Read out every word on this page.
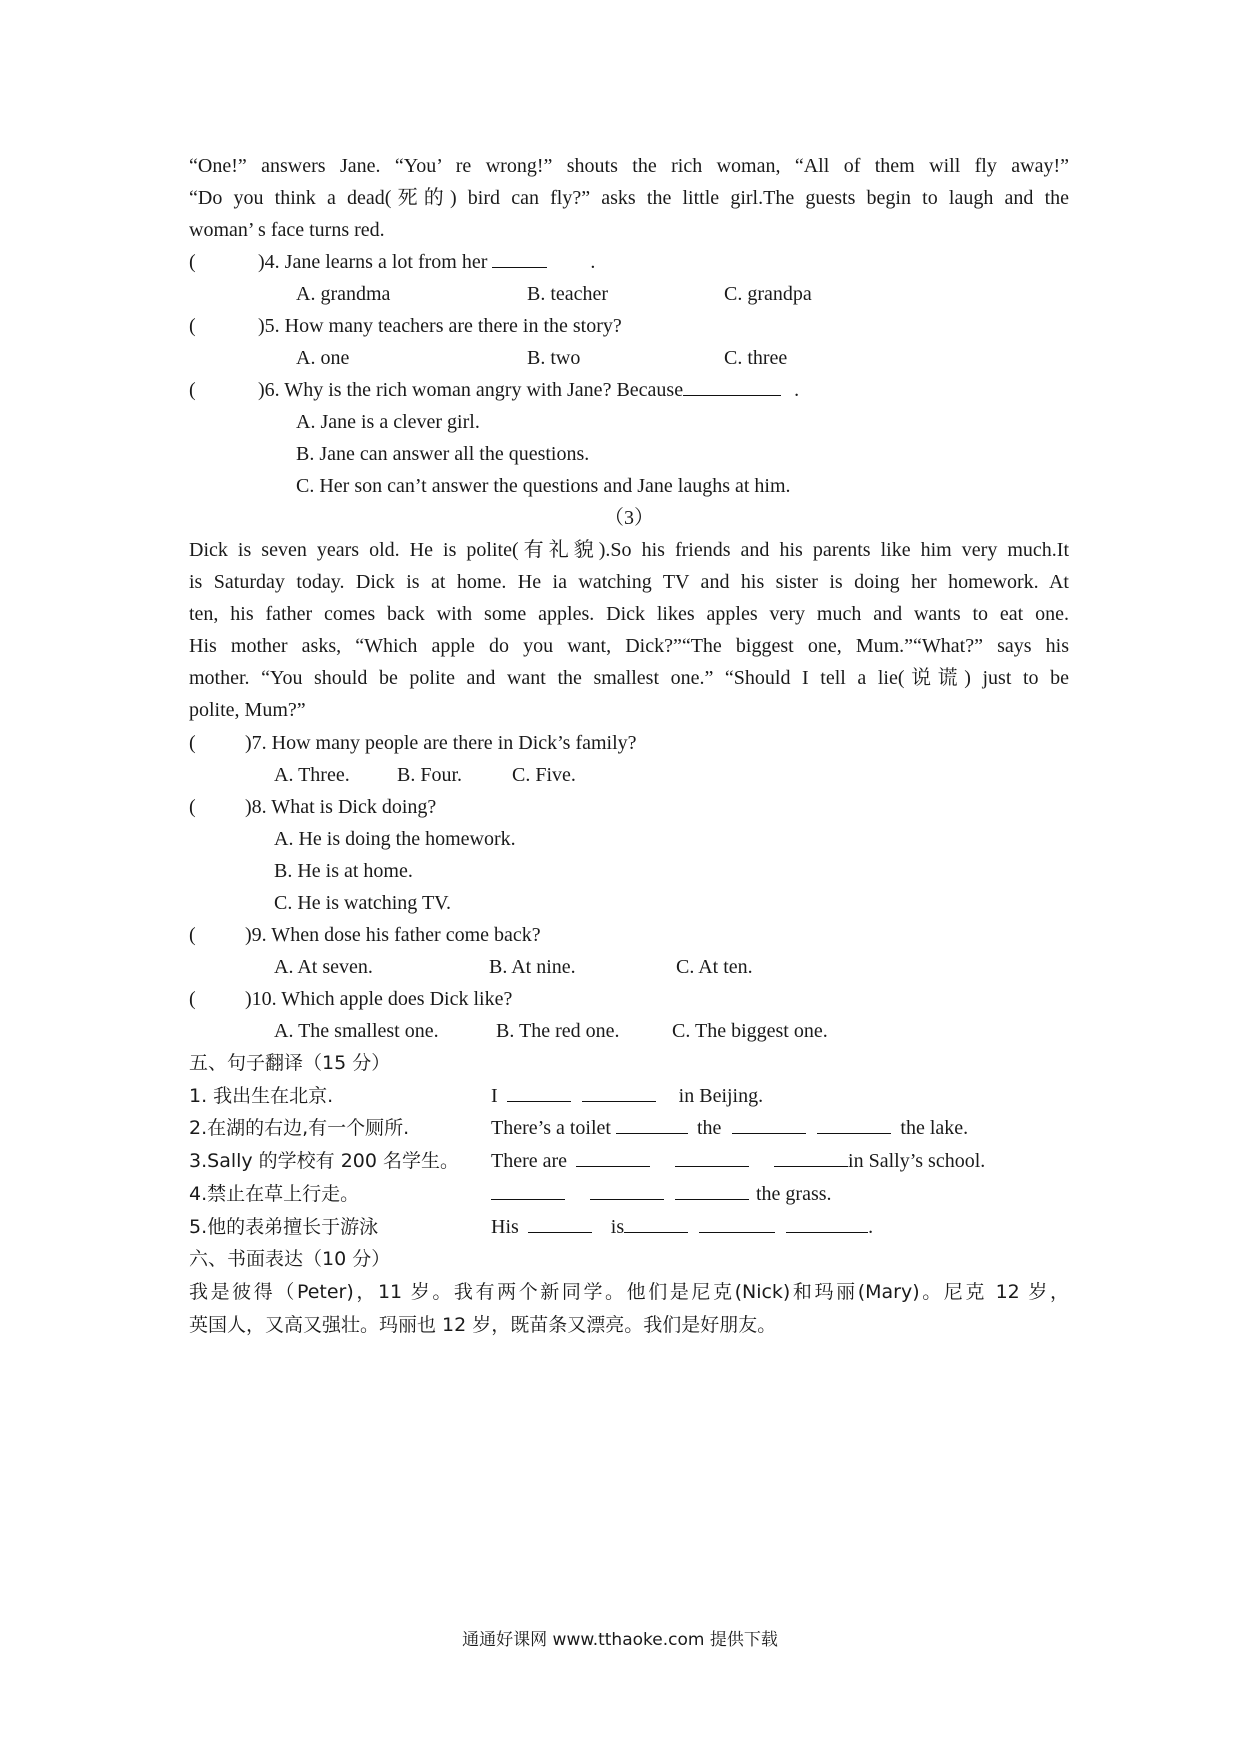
“One!” answers Jane. “You’ re wrong!” shouts the rich woman, “All of them will fly away!”
“Do you think a dead(死的) bird can fly?” asks the little girl.The guests begin to laugh and the
woman’ s face turns red.
(	)4. Jane learns a lot from her	.
A. grandma	B. teacher	C. grandpa
(	)5. How many teachers are there in the story?
A. one	B. two	C. three
(	)6. Why is the rich woman angry with Jane? Because	.
A. Jane is a clever girl.
B. Jane can answer all the questions.
C. Her son can’t answer the questions and Jane laughs at him.
（3）
Dick is seven years old. He is polite(有礼貌).So his friends and his parents like him very much.It
is Saturday today. Dick is at home. He ia watching TV and his sister is doing her homework. At
ten, his father comes back with some apples. Dick likes apples very much and wants to eat one.
His mother asks, “Which apple do you want, Dick?”“The biggest one, Mum.”“What?” says his
mother. “You should be polite and want the smallest one.” “Should I tell a lie(说谎) just to be
polite, Mum?”
( )7. How many people are there in Dick’s family?
A. Three. B. Four. C. Five.
( )8. What is Dick doing?
A. He is doing the homework.
B. He is at home.
C. He is watching TV.
( )9. When dose his father come back?
A. At seven.	B. At nine.	C. At ten.
( )10. Which apple does Dick like?
A. The smallest one.	B. The red one.	C. The biggest one.
五、句子翻译（15 分）
1. 我出生在北京.	I	in Beijing.
2.在湖的右边,有一个厕所.	There’s a toilet	the	the lake.
3.Sally 的学校有 200 名学生。 There are	in Sally’s school.
4.禁止在草上行走。	the grass.
5.他的表弟擅长于游泳	His	is	.
六、书面表达（10 分）
我是彼得（Peter)，11 岁。我有两个新同学。他们是尼克(Nick)和玛丽(Mary)。尼克 12 岁，
英国人，又高又强壮。玛丽也 12 岁，既苗条又漂亮。我们是好朋友。
通通好课网 www.tthaoke.com 提供下载
